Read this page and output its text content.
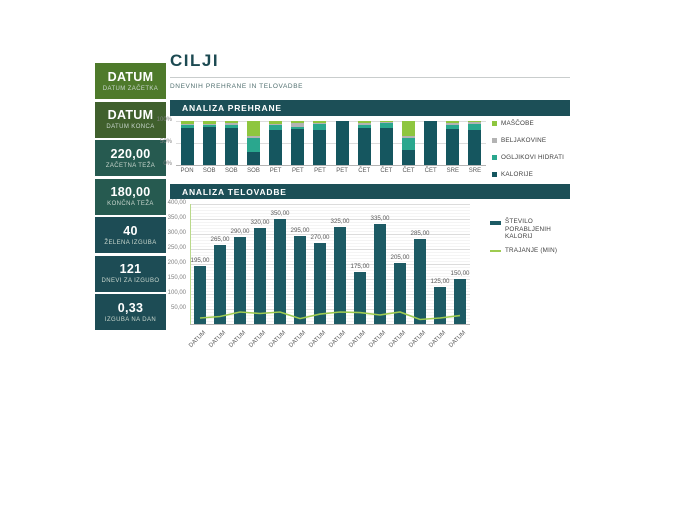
DATUM
DATUM ZAČETKA
DATUM
DATUM KONCA
220,00
ZAČETNA TEŽA
180,00
KONČNA TEŽA
40
ŽELENA IZGUBA
121
DNEVI ZA IZGUBO
0,33
IZGUBA NA DAN
CILJI
DNEVNIH PREHRANE IN TELOVADBE
ANALIZA PREHRANE
100%
50%
0%
PON	SOB	SOB	SOB	PET	PET	PET	PET	ČET	ČET	ČET	ČET	SRE	SRE
MAŠČOBE
BELJAKOVINE
OGLJIKOVI HIDRATI
KALORIJE
ANALIZA TELOVADBE
400,00
350,00
300,00
250,00
200,00
150,00
100,00
50,00
195,00
265,00
290,00
320,00
350,00
295,00
270,00
325,00
175,00
335,00
205,00
285,00
125,00
150,00
DATUM DATUM DATUM DATUM DATUM DATUM DATUM DATUM DATUM DATUM DATUM DATUM DATUM DATUM
ŠTEVILO PORABLJENIH KALORIJ
TRAJANJE (MIN)
